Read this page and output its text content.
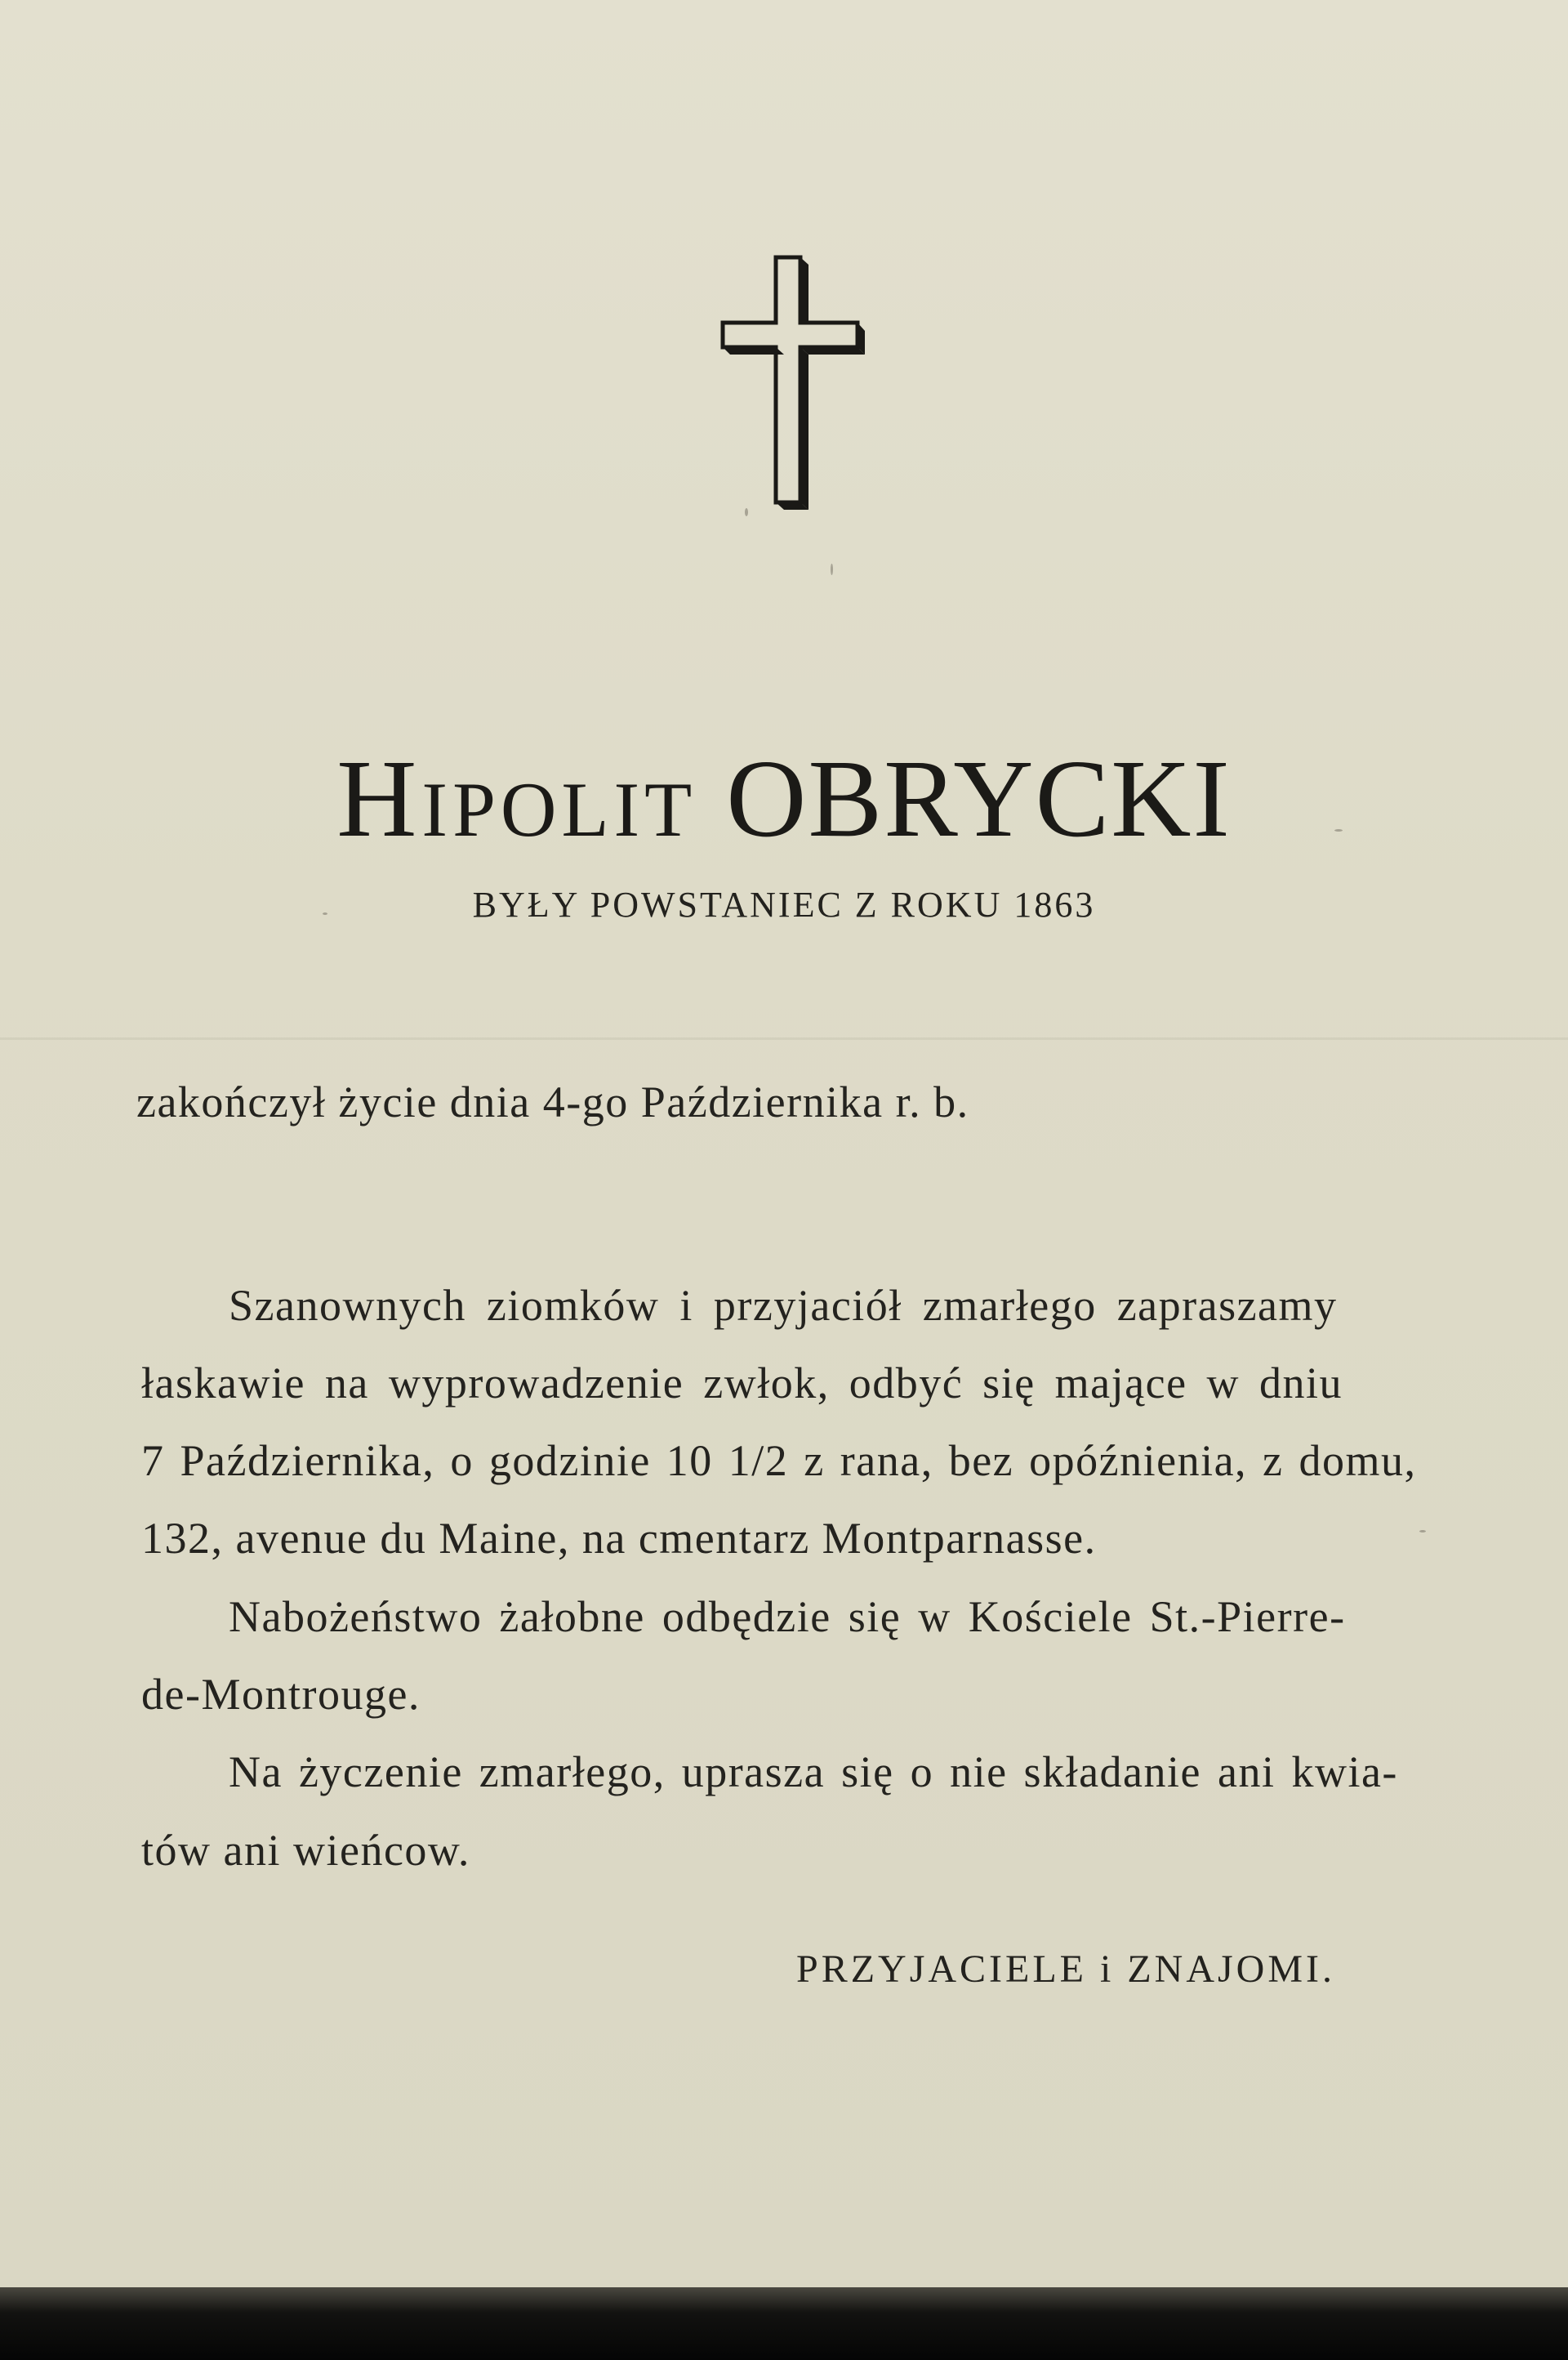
Hipolit OBRYCKI
BYŁY POWSTANIEC Z ROKU 1863
zakończył życie dnia 4-go Października r. b.
Szanownych ziomków i przyjaciół zmarłego zapraszamy
łaskawie na wyprowadzenie zwłok, odbyć się mające w dniu
7 Października, o godzinie 10 1/2 z rana, bez opóźnienia, z domu,
132, avenue du Maine, na cmentarz Montparnasse.
Nabożeństwo żałobne odbędzie się w Kościele St.-Pierre-
de-Montrouge.
Na życzenie zmarłego, uprasza się o nie składanie ani kwia-
tów ani wieńcow.
PRZYJACIELE i ZNAJOMI.
